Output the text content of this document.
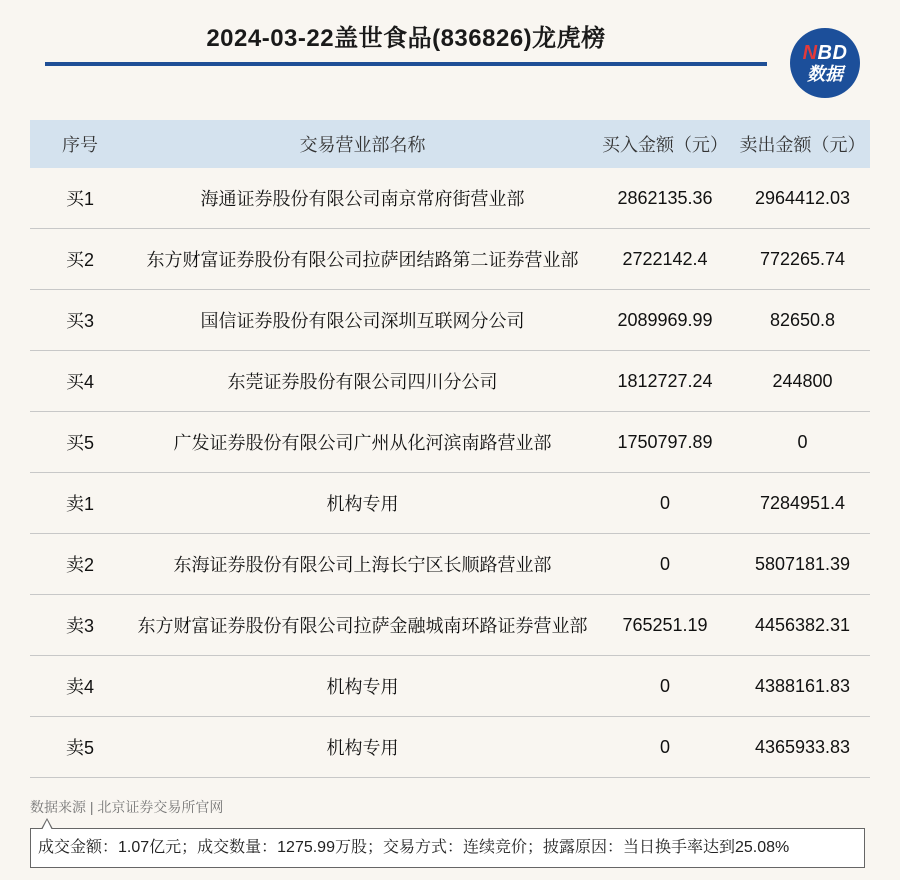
2024-03-22盖世食品(836826)龙虎榜
NBD
数据
序号	交易营业部名称	买入金额（元）	卖出金额（元）
买1	海通证券股份有限公司南京常府街营业部	2862135.36	2964412.03
买2	东方财富证券股份有限公司拉萨团结路第二证券营业部	2722142.4	772265.74
买3	国信证券股份有限公司深圳互联网分公司	2089969.99	82650.8
买4	东莞证券股份有限公司四川分公司	1812727.24	244800
买5	广发证券股份有限公司广州从化河滨南路营业部	1750797.89	0
卖1	机构专用	0	7284951.4
卖2	东海证券股份有限公司上海长宁区长顺路营业部	0	5807181.39
卖3	东方财富证券股份有限公司拉萨金融城南环路证券营业部	765251.19	4456382.31
卖4	机构专用	0	4388161.83
卖5	机构专用	0	4365933.83
数据来源 | 北京证券交易所官网
成交金额：1.07亿元；成交数量：1275.99万股；交易方式：连续竞价；披露原因：当日换手率达到25.08%
